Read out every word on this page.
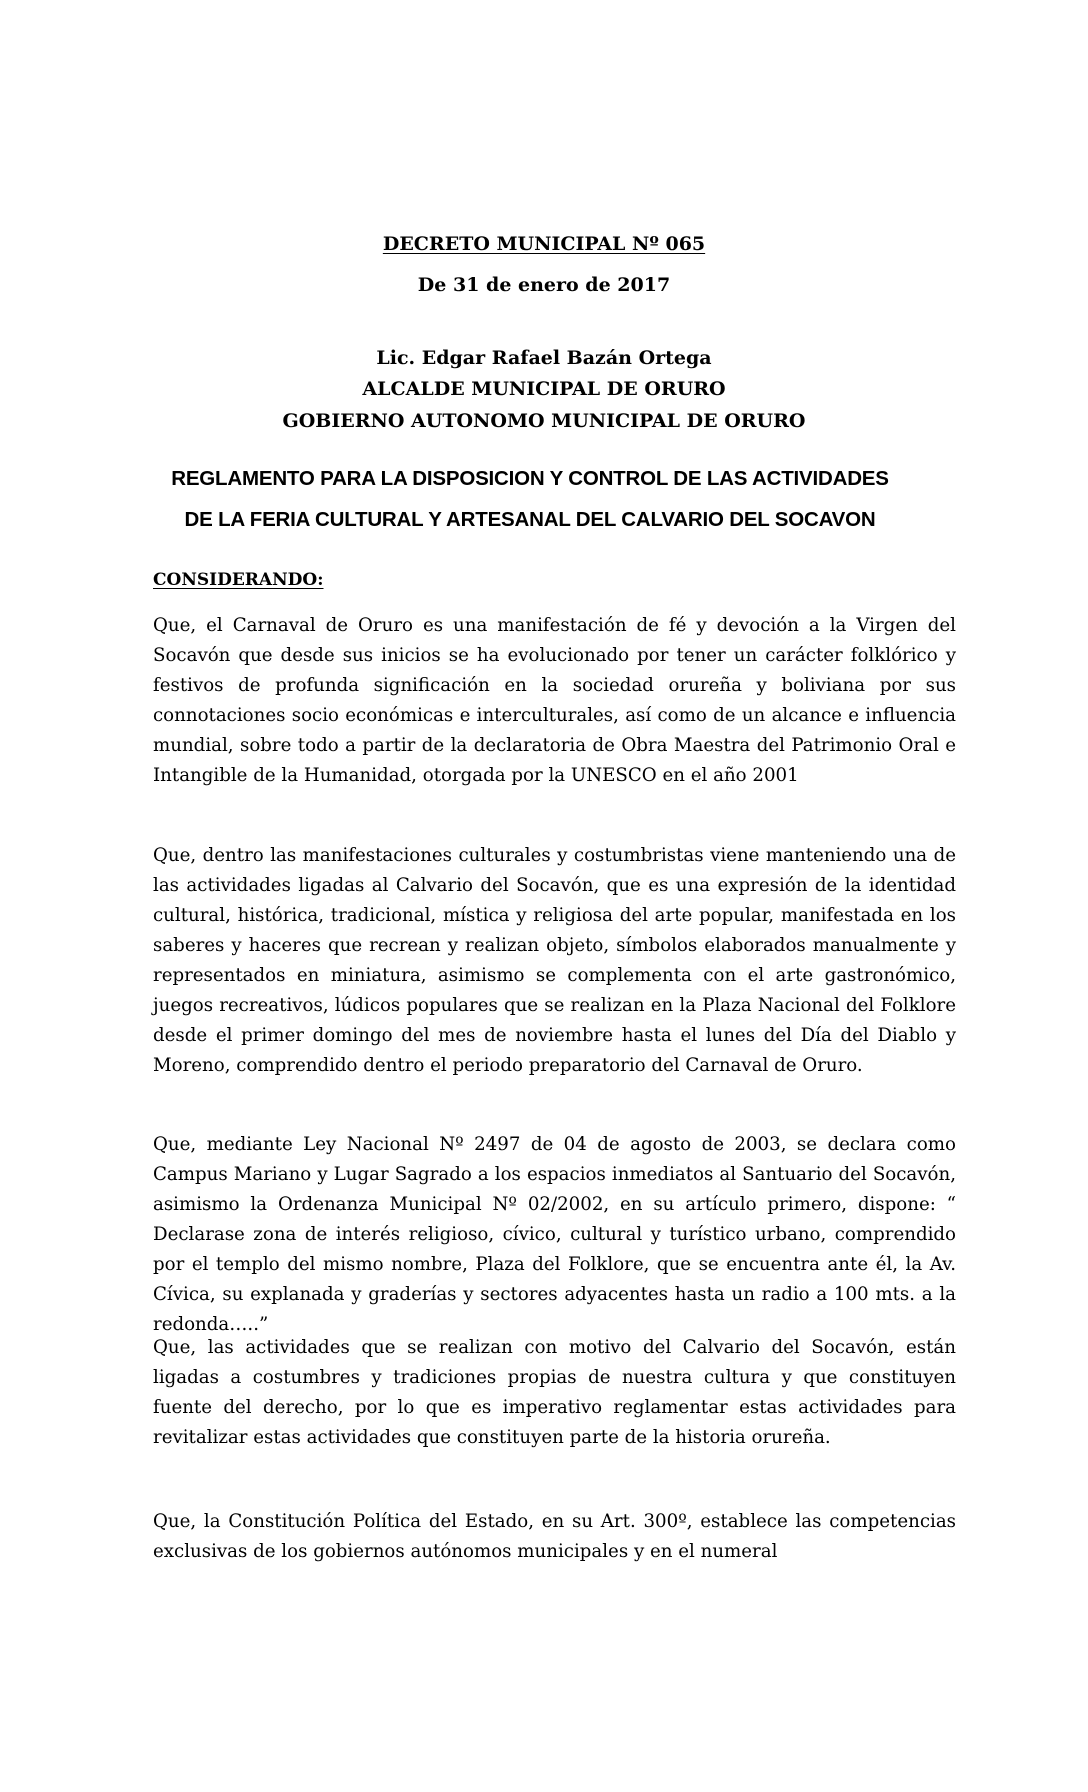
DECRETO MUNICIPAL Nº 065
De 31 de enero de 2017
Lic. Edgar Rafael Bazán Ortega
ALCALDE MUNICIPAL DE ORURO
GOBIERNO AUTONOMO MUNICIPAL DE ORURO
REGLAMENTO PARA LA DISPOSICION Y CONTROL DE LAS ACTIVIDADES
DE LA FERIA CULTURAL Y ARTESANAL DEL CALVARIO DEL SOCAVON
CONSIDERANDO:

Que, el Carnaval de Oruro es una manifestación de fé y devoción a la Virgen del Socavón que desde sus inicios se ha evolucionado por tener un carácter folklórico y festivos de profunda significación en la sociedad orureña y boliviana por sus connotaciones socio económicas e interculturales, así como de un alcance e influencia mundial, sobre todo a partir de la declaratoria de Obra Maestra del Patrimonio Oral e Intangible de la Humanidad, otorgada por la UNESCO en el año 2001

Que, dentro las manifestaciones culturales y costumbristas viene manteniendo una de las actividades ligadas al Calvario del Socavón, que es una expresión de la identidad cultural, histórica, tradicional, mística y religiosa del arte popular, manifestada en los saberes y haceres que recrean y realizan objeto, símbolos elaborados manualmente y representados en miniatura, asimismo se complementa con el arte gastronómico, juegos recreativos, lúdicos populares que se realizan en la Plaza Nacional del Folklore desde el primer domingo del mes de noviembre hasta el lunes del Día del Diablo y Moreno, comprendido dentro el periodo preparatorio del Carnaval de Oruro.

Que, mediante Ley Nacional Nº 2497 de 04 de agosto de 2003, se declara como Campus Mariano y Lugar Sagrado a los espacios inmediatos al Santuario del Socavón, asimismo la Ordenanza Municipal Nº 02/2002, en su artículo primero, dispone: “ Declarase zona de interés religioso, cívico, cultural y turístico urbano, comprendido por el templo del mismo nombre, Plaza del Folklore, que se encuentra ante él, la Av. Cívica, su explanada y graderías y sectores adyacentes hasta un radio a 100 mts. a la redonda…..”

Que, las actividades que se realizan con motivo del Calvario del Socavón, están ligadas a costumbres y tradiciones propias de nuestra cultura y que constituyen fuente del derecho, por lo que es imperativo reglamentar estas actividades para revitalizar estas actividades que constituyen parte de la historia orureña.

Que, la Constitución Política del Estado, en su Art. 300º, establece las competencias exclusivas de los gobiernos autónomos municipales y en el numeral
